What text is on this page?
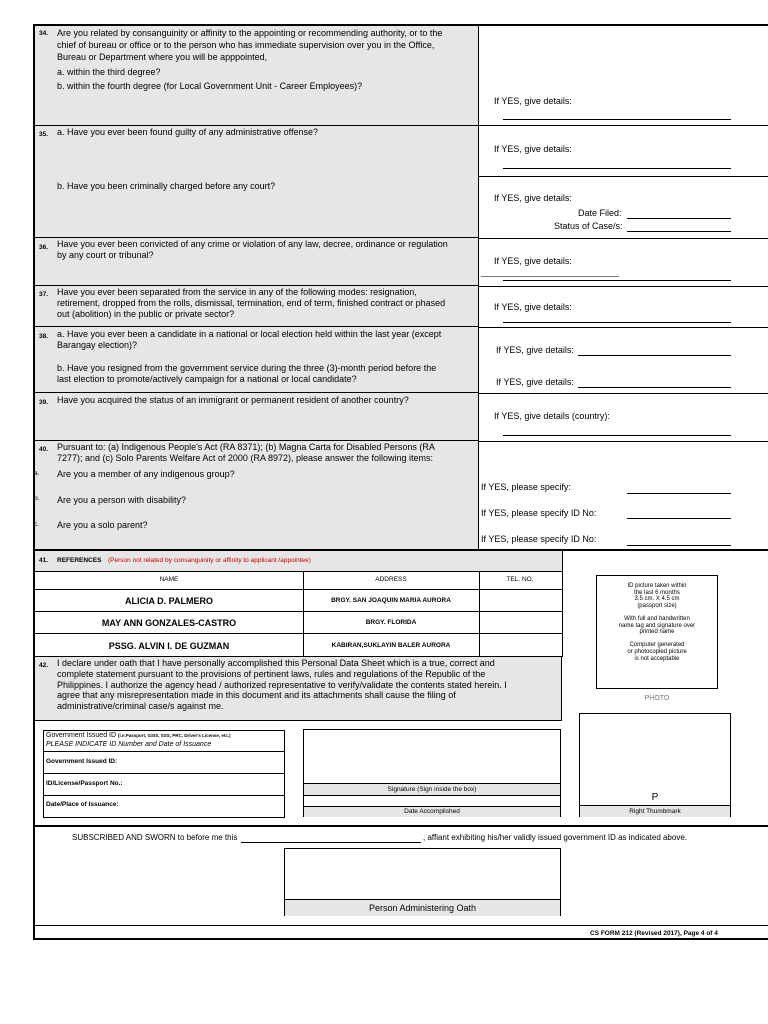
34. Are you related by consanguinity or affinity to the appointing or recommending authority, or to the
chief of bureau or office or to the person who has immediate supervision over you in the Office,
Bureau or Department where you will be apppointed,
a. within the third degree?
b. within the fourth degree (for Local Government Unit - Career Employees)?
If YES, give details:
35. a. Have you ever been found guilty of any administrative offense?
b. Have you been criminally charged before any court?
If YES, give details:
If YES, give details:
Date Filed:
Status of Case/s:
36. Have you ever been convicted of any crime or violation of any law, decree, ordinance or regulation
by any court or tribunal?
If YES, give details:
_______________________________
37. Have you ever been separated from the service in any of the following modes: resignation,
retirement, dropped from the rolls, dismissal, termination, end of term, finished contract or phased
out (abolition) in the public or private sector?
If YES, give details:
38. a. Have you ever been a candidate in a national or local election held within the last year (except
Barangay election)?
b. Have you resigned from the government service during the three (3)-month period before the
last election to promote/actively campaign for a national or local candidate?
If YES, give details:
If YES, give details:
39. Have you acquired the status of an immigrant or permanent resident of another country?
If YES, give details (country):
40. Pursuant to: (a) Indigenous People's Act (RA 8371); (b) Magna Carta for Disabled Persons (RA
7277); and (c) Solo Parents Welfare Act of 2000 (RA 8972), please answer the following items:
Are you a member of any indigenous group?
Are you a person with disability?
Are you a solo parent?
a.
b.
c.
If YES, please specify:
If YES, please specify ID No:
If YES, please specify ID No:
41. REFERENCES (Person not related by consanguinity or affinity to applicant /appointee)
NAME	ADDRESS	TEL. NO.
ALICIA D. PALMERO	BRGY. SAN JOAQUIN MARIA AURORA
MAY ANN GONZALES-CASTRO	BRGY. FLORIDA
PSSG. ALVIN I. DE GUZMAN	KABIRAN,SUKLAYIN BALER AURORA
ID picture taken within
the last 6 months
3.5 cm. X 4.5 cm
(passport size)
With full and handwritten
name tag and signature over
printed name
Computer generated
or photocopied picture
is not acceptable
PHOTO
42. I declare under oath that I have personally accomplished this Personal Data Sheet which is a true, correct and
complete statement pursuant to the provisions of pertinent laws, rules and regulations of the Republic of the
Philippines. I authorize the agency head / authorized representative to verify/validate the contents stated herein. I
agree that any misrepresentation made in this document and its attachments shall cause the filing of
administrative/criminal case/s against me.
Government Issued ID (i.e.Passport, GSIS, SSS, PRC, Driver's License, etc.)
PLEASE INDICATE ID Number and Date of Issuance
Government Issued ID:
ID/License/Passport No.:
Date/Place of Issuance:
Signature (Sign inside the box)
Date Accomplished
P
Right Thumbmark
SUBSCRIBED AND SWORN to before me this	, affiant exhibiting his/her validly issued government ID as indicated above.
Person Administering Oath
CS FORM 212 (Revised 2017), Page 4 of 4
